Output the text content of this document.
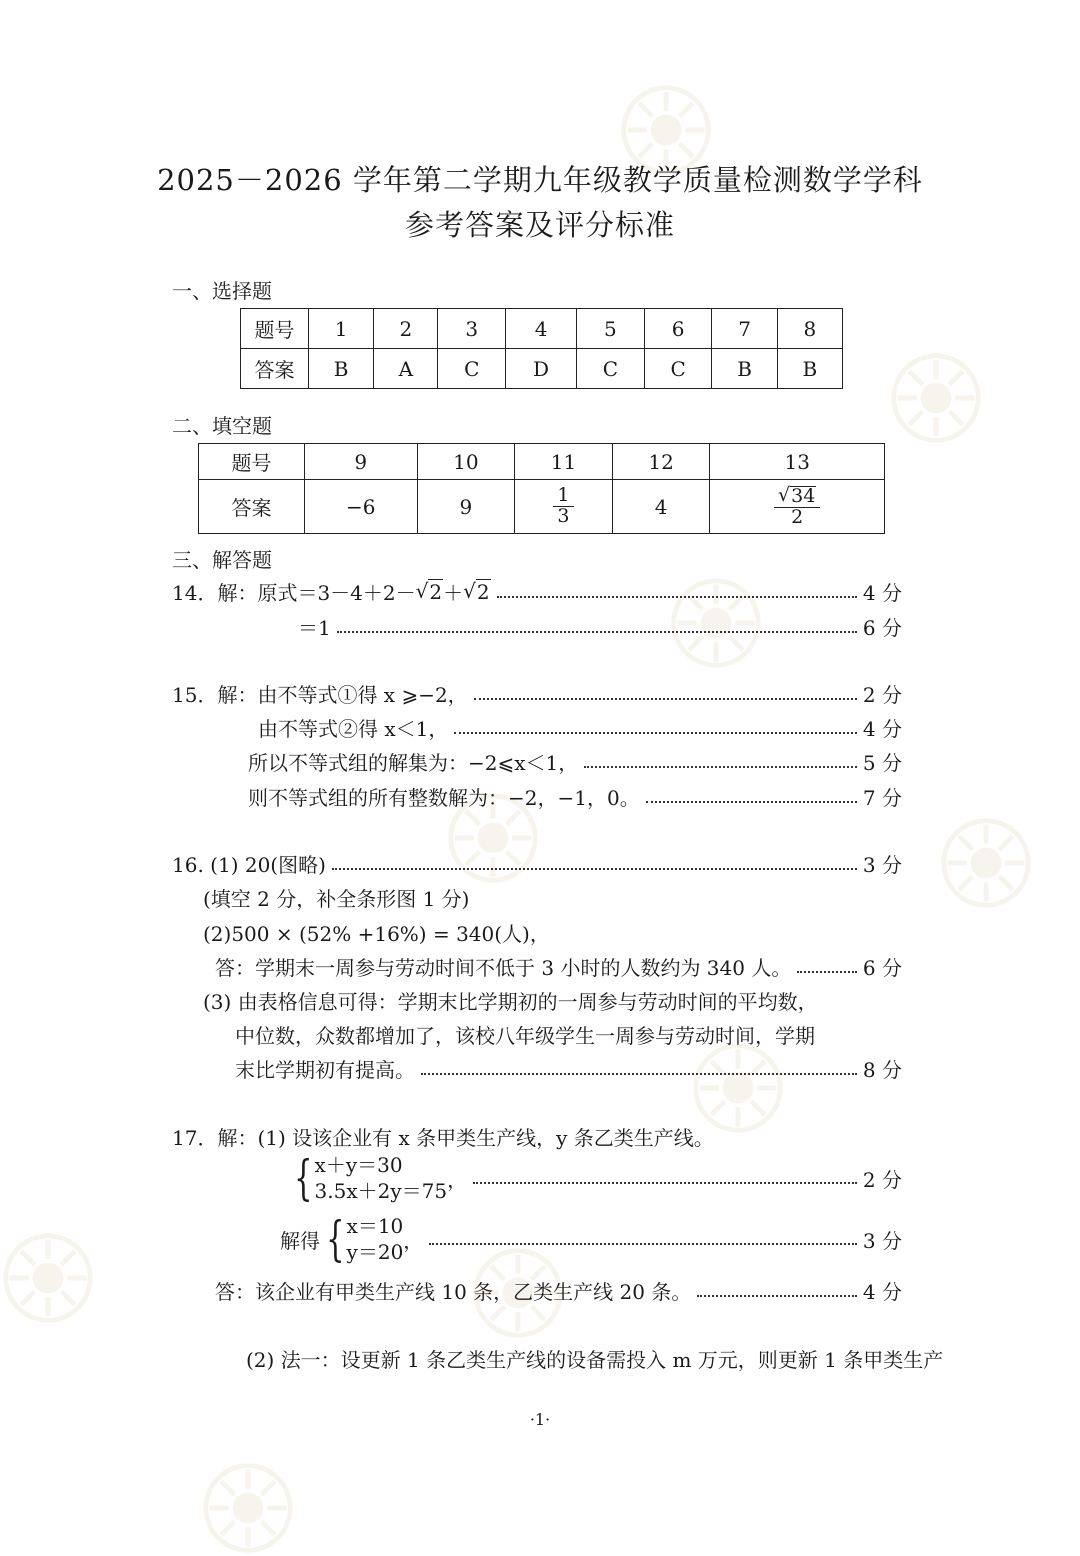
2025－2026 学年第二学期九年级教学质量检测数学学科
参考答案及评分标准
一、选择题
题号	1	2	3	4	5	6	7	8
答案	B	A	C	D	C	C	B	B
二、填空题
题号	9	10	11	12	13
答案	−6	9	$\frac{1}{3}$	4	$\frac{√ 34}{2}$
三、解答题
14．解：原式＝3－4＋2－ √ 2 ＋ √ 2	4 分
＝1	6 分
15．解：由不等式①得 x ⩾−2，	2 分
由不等式②得 x＜1，	4 分
所以不等式组的解集为：−2⩽x＜1，	5 分
则不等式组的所有整数解为：−2，−1，0。	7 分
16. (1) 20(图略)	3 分
(填空 2 分，补全条形图 1 分)
(2)500 × (52% +16%) = 340(人)，
答：学期末一周参与劳动时间不低于 3 小时的人数约为 340 人。	6 分
(3) 由表格信息可得：学期末比学期初的一周参与劳动时间的平均数，
中位数，众数都增加了，该校八年级学生一周参与劳动时间，学期
末比学期初有提高。	8 分
17．解：(1) 设该企业有 x 条甲类生产线，y 条乙类生产线。
{ x＋y＝30
3.5x＋2y＝75 ，	2 分
解得 { x＝10
y＝20 ，	3 分
答：该企业有甲类生产线 10 条，乙类生产线 20 条。	4 分
(2) 法一：设更新 1 条乙类生产线的设备需投入 m 万元，则更新 1 条甲类生产
·1·
